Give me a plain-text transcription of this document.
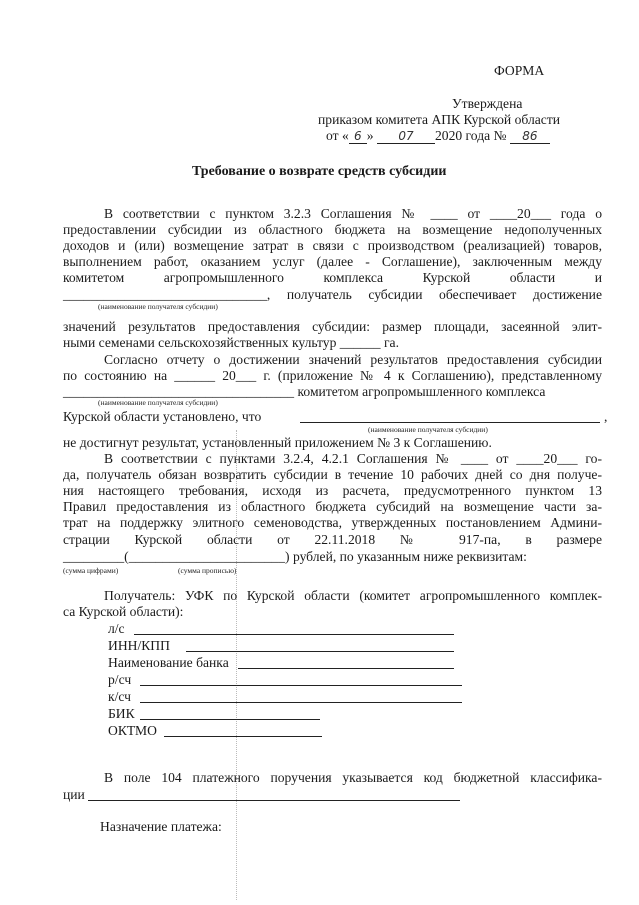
ФОРМА
Утверждена
приказом комитета АПК Курской области
от « 6 » 07 2020 года № 86
Требование о возврате средств субсидии
В соответствии с пунктом 3.2.3 Соглашения № ____ от ____20___ года о
предоставлении субсидии из областного бюджета на возмещение недополученных
доходов и (или) возмещение затрат в связи с производством (реализацией) товаров,
выполнением работ, оказанием услуг (далее - Соглашение), заключенным между
комитетом агропромышленного комплекса Курской области и
______________________________, получатель субсидии обеспечивает достижение
(наименование получателя субсидии)
значений результатов предоставления субсидии: размер площади, засеянной элит-
ными семенами сельскохозяйственных культур ______ га.
Согласно отчету о достижении значений результатов предоставления субсидии
по состоянию на ______ 20___ г. (приложение № 4 к Соглашению), представленному
__________________________________ комитетом агропромышленного комплекса
(наименование получателя субсидии)
Курской области установлено, что	,
(наименование получателя субсидии)
не достигнут результат, установленный приложением № 3 к Соглашению.
В соответствии с пунктами 3.2.4, 4.2.1 Соглашения № ____ от ____20___ го-
да, получатель обязан возвратить субсидии в течение 10 рабочих дней со дня получе-
ния настоящего требования, исходя из расчета, предусмотренного пунктом 13
Правил предоставления из областного бюджета субсидий на возмещение части за-
трат на поддержку элитного семеноводства, утвержденных постановлением Админи-
страции Курской области от 22.11.2018 № 917-па, в размере
_________(_______________________) рублей, по указанным ниже реквизитам:
(сумма цифрами)	(сумма прописью)
Получатель: УФК по Курской области (комитет агропромышленного комплек-
са Курской области):
л/с
ИНН/КПП
Наименование банка
р/сч
к/сч
БИК
ОКТМО
В поле 104 платежного поручения указывается код бюджетной классифика-
ции
Назначение платежа:
